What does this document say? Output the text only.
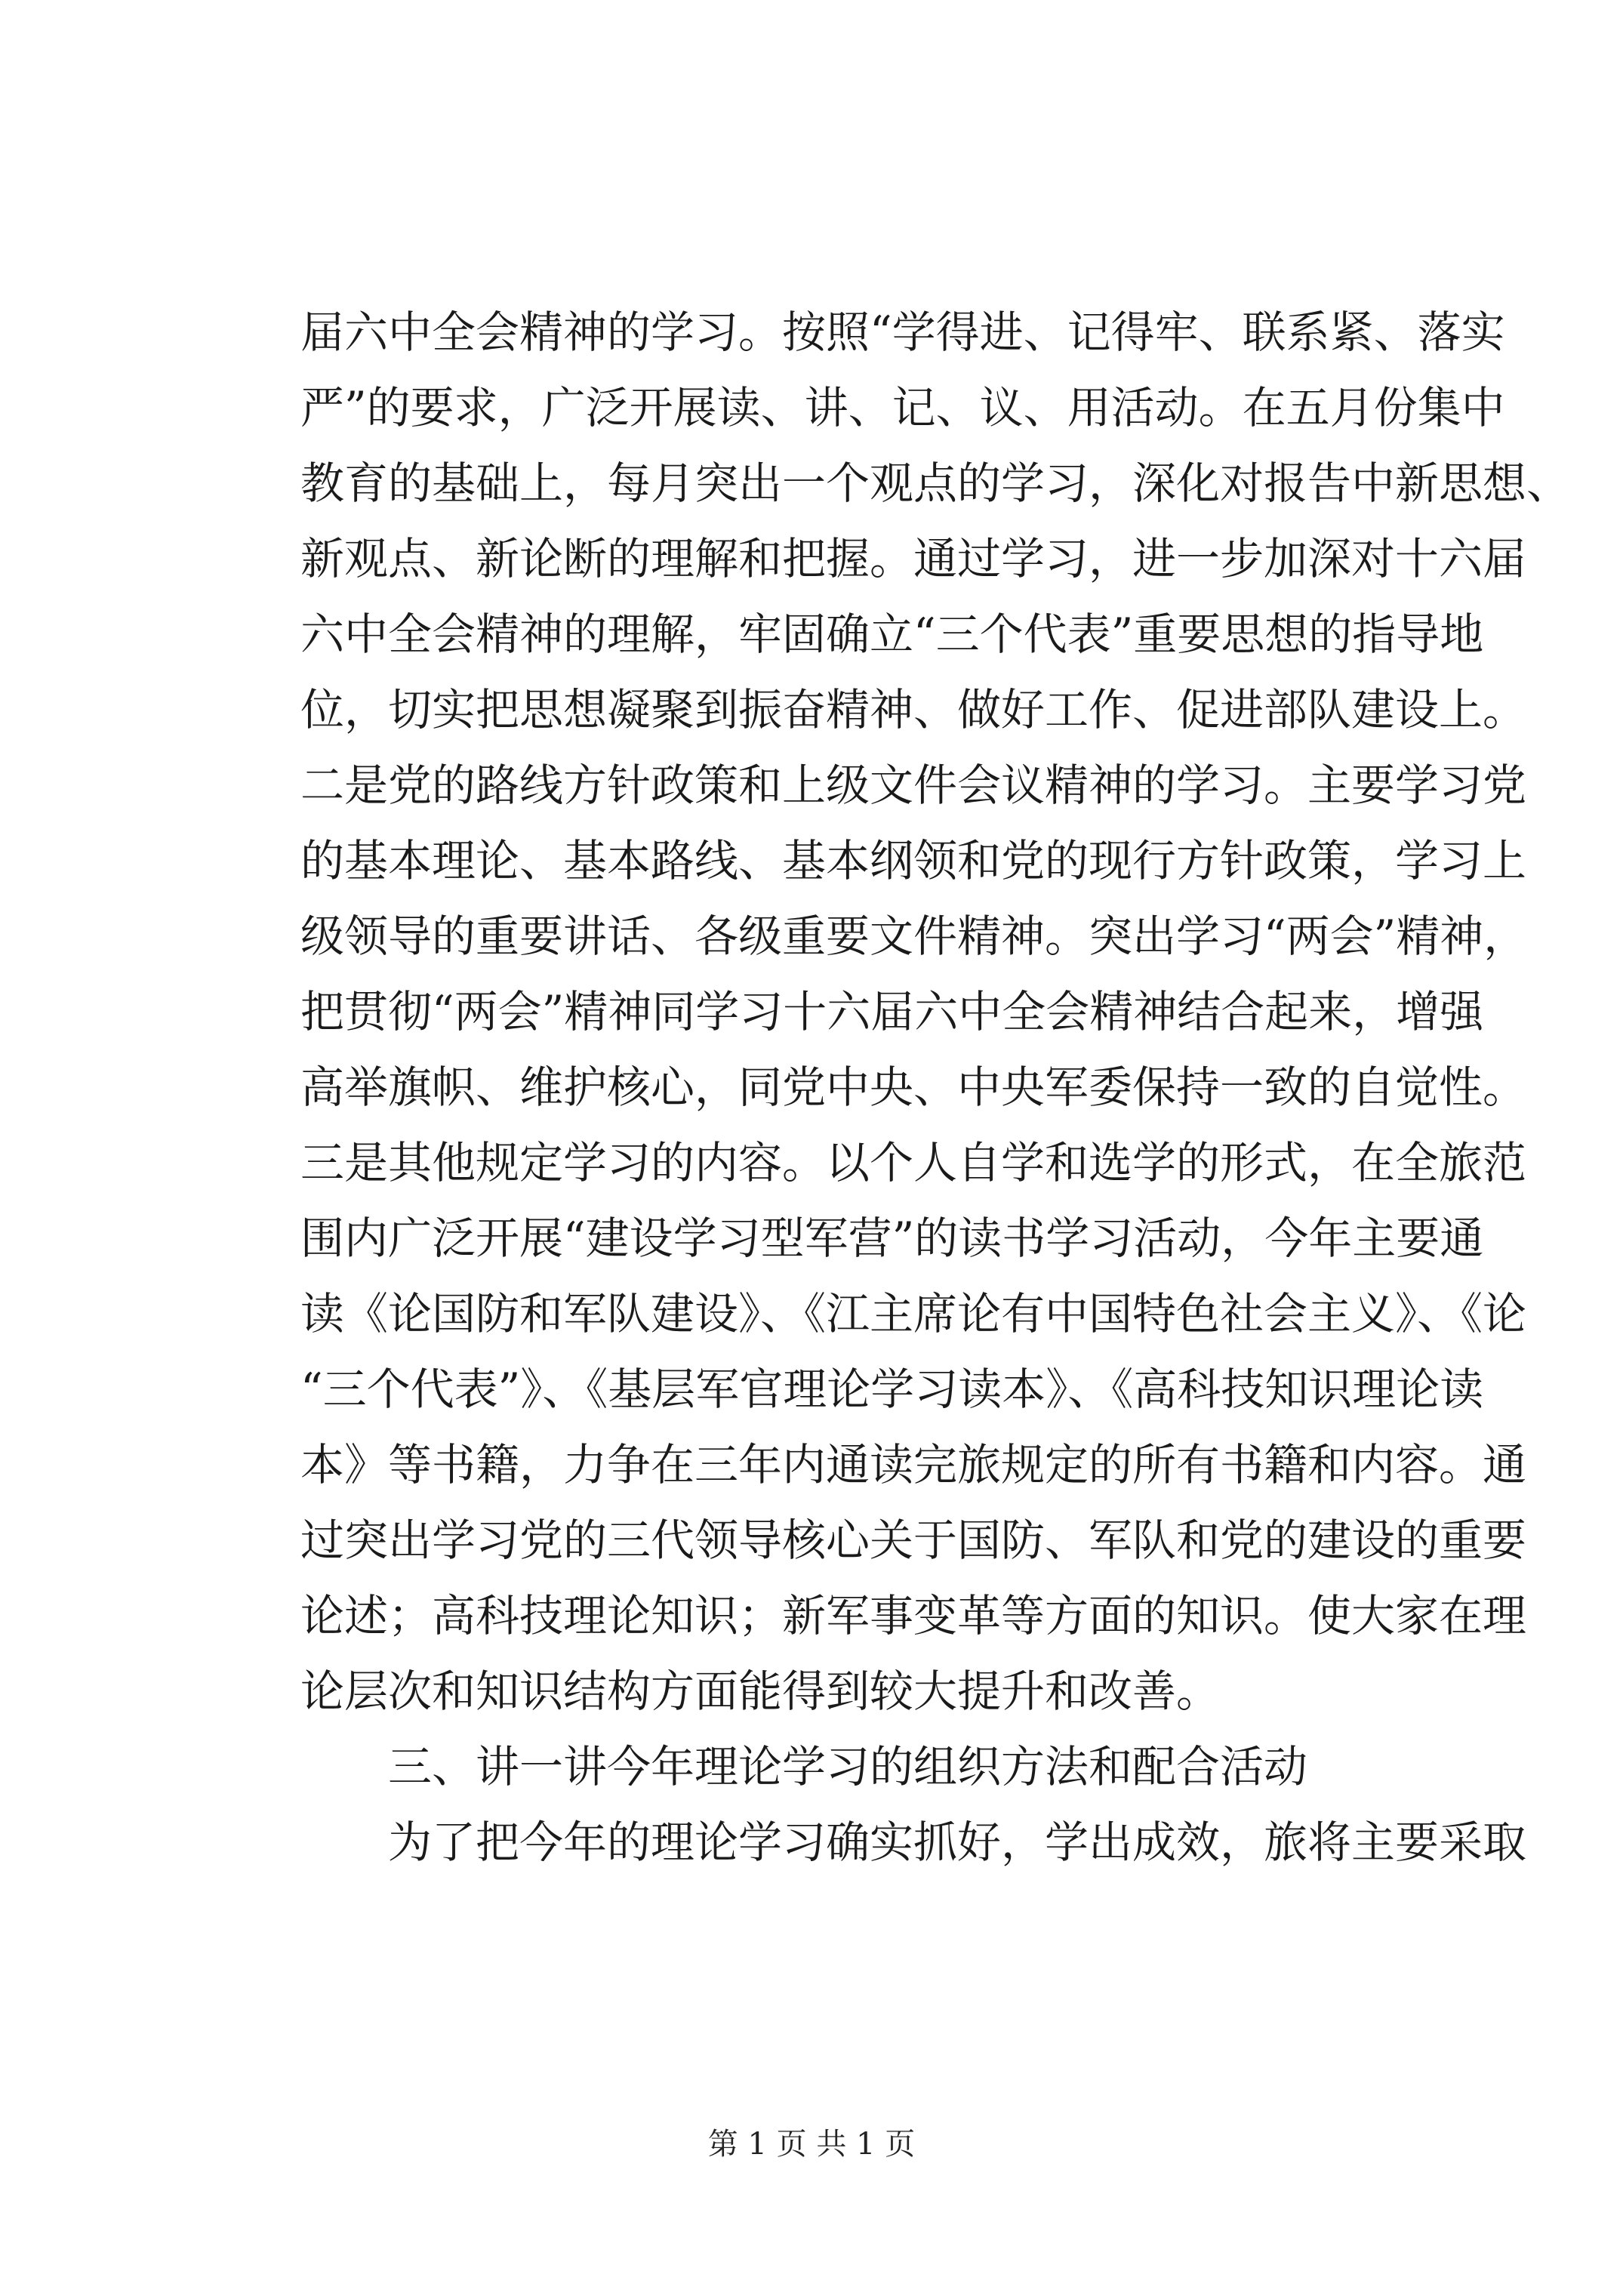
届六中全会精神的学习。按照“学得进、记得牢、联系紧、落实
严”的要求，广泛开展读、讲、记、议、用活动。在五月份集中
教育的基础上，每月突出一个观点的学习，深化对报告中新思想、
新观点、新论断的理解和把握。通过学习，进一步加深对十六届
六中全会精神的理解，牢固确立“三个代表”重要思想的指导地
位，切实把思想凝聚到振奋精神、做好工作、促进部队建设上。
二是党的路线方针政策和上级文件会议精神的学习。主要学习党
的基本理论、基本路线、基本纲领和党的现行方针政策，学习上
级领导的重要讲话、各级重要文件精神。突出学习“两会”精神，
把贯彻“两会”精神同学习十六届六中全会精神结合起来，增强
高举旗帜、维护核心，同党中央、中央军委保持一致的自觉性。
三是其他规定学习的内容。以个人自学和选学的形式，在全旅范
围内广泛开展“建设学习型军营”的读书学习活动，今年主要通
读《论国防和军队建设》、《江主席论有中国特色社会主义》、《论
“三个代表”》、《基层军官理论学习读本》、《高科技知识理论读
本》等书籍，力争在三年内通读完旅规定的所有书籍和内容。通
过突出学习党的三代领导核心关于国防、军队和党的建设的重要
论述；高科技理论知识；新军事变革等方面的知识。使大家在理
论层次和知识结构方面能得到较大提升和改善。
三、讲一讲今年理论学习的组织方法和配合活动
为了把今年的理论学习确实抓好，学出成效，旅将主要采取
第 1 页 共 1 页
